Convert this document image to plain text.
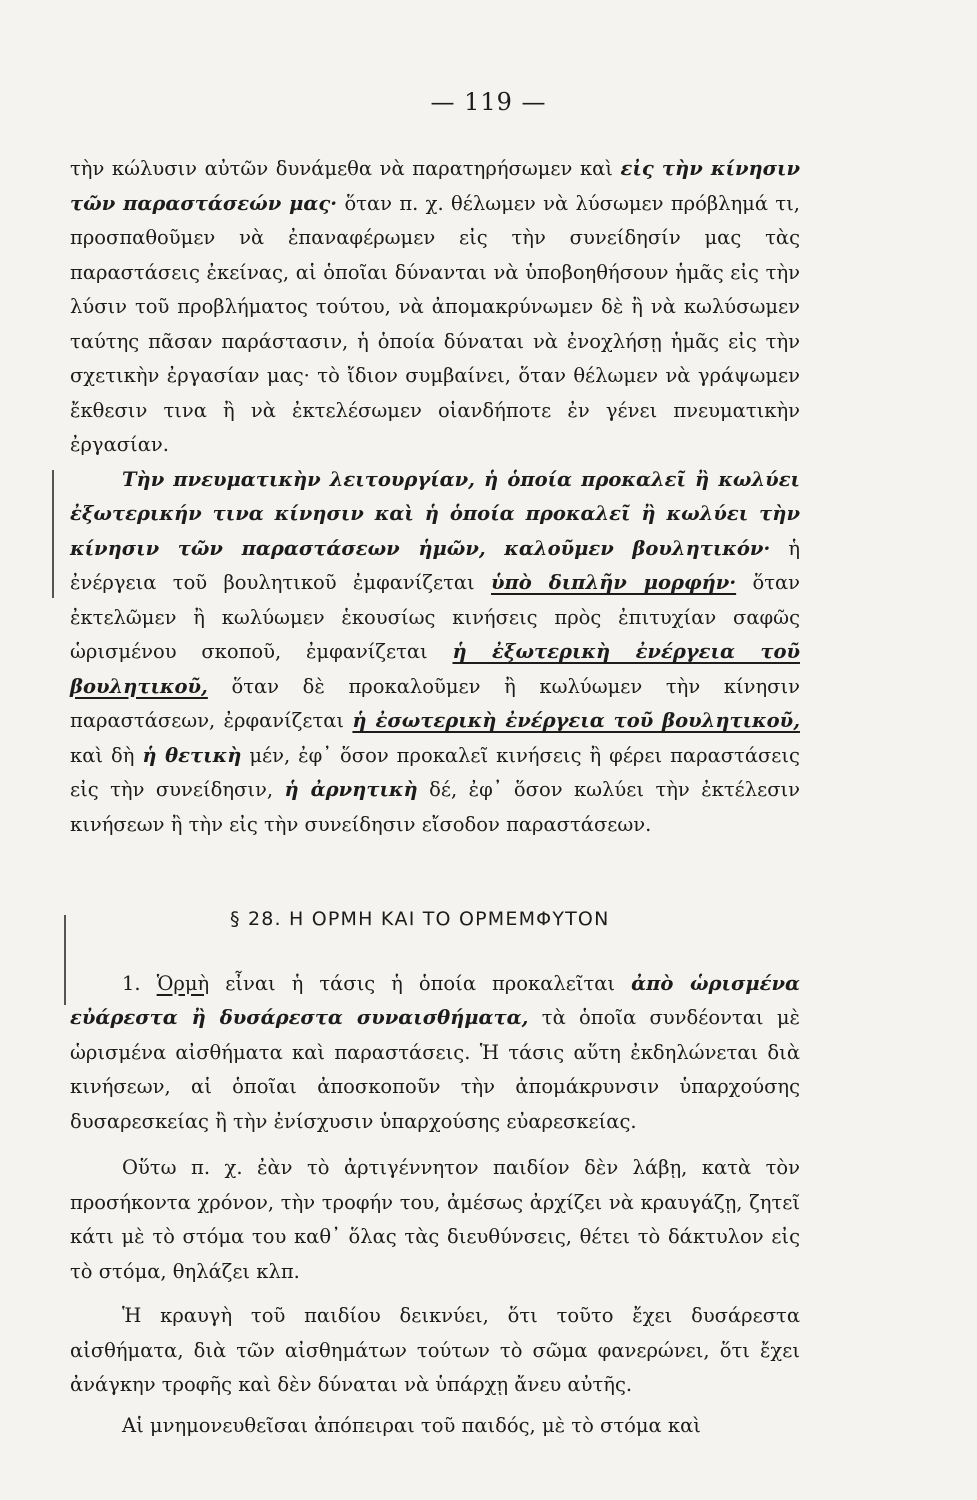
— 119 —

τὴν κώλυσιν αὐτῶν δυνάμεθα νὰ παρατηρήσωμεν καὶ εἰς τὴν κίνησιν τῶν παραστάσεών μας· ὅταν π. χ. θέλωμεν νὰ λύσωμεν πρόβλημά τι, προσπαθοῦμεν νὰ ἐπαναφέρωμεν εἰς τὴν συνείδησίν μας τὰς παραστάσεις ἐκείνας, αἱ ὁποῖαι δύνανται νὰ ὑποβοηθήσουν ἡμᾶς εἰς τὴν λύσιν τοῦ προβλήματος τούτου, νὰ ἀπομακρύνωμεν δὲ ἢ νὰ κωλύσωμεν ταύτης πᾶσαν παράστασιν, ἡ ὁποία δύναται νὰ ἐνοχλήσῃ ἡμᾶς εἰς τὴν σχετικὴν ἐργασίαν μας· τὸ ἴδιον συμβαίνει, ὅταν θέλωμεν νὰ γράψωμεν ἔκθεσιν τινα ἢ νὰ ἐκτελέσωμεν οἱανδήποτε ἐν γένει πνευματικὴν ἐργασίαν.

Τὴν πνευματικὴν λειτουργίαν, ἡ ὁποία προκαλεῖ ἢ κωλύει ἐξωτερικήν τινα κίνησιν καὶ ἡ ὁποία προκαλεῖ ἢ κωλύει τὴν κίνησιν τῶν παραστάσεων ἡμῶν, καλοῦμεν βουλητικόν· ἡ ἐνέργεια τοῦ βουλητικοῦ ἐμφανίζεται ὑπὸ διπλῆν μορφήν· ὅταν ἐκτελῶμεν ἢ κωλύωμεν ἑκουσίως κινήσεις πρὸς ἐπιτυχίαν σαφῶς ὡρισμένου σκοποῦ, ἐμφανίζεται ἡ ἐξωτερικὴ ἐνέργεια τοῦ βουλητικοῦ, ὅταν δὲ προκαλοῦμεν ἢ κωλύωμεν τὴν κίνησιν παραστάσεων, ἐρφανίζεται ἡ ἐσωτερικὴ ἐνέργεια τοῦ βουλητικοῦ, καὶ δὴ ἡ θετικὴ μέν, ἐφ᾿ ὅσον προκαλεῖ κινήσεις ἢ φέρει παραστάσεις εἰς τὴν συνείδησιν, ἡ ἀρνητικὴ δέ, ἐφ᾿ ὅσον κωλύει τὴν ἐκτέλεσιν κινήσεων ἢ τὴν εἰς τὴν συνείδησιν εἴσοδον παραστάσεων.

§ 28. Η ΟΡΜΗ ΚΑΙ ΤΟ ΟΡΜΕΜΦΥΤΟΝ

1. Ὁρμὴ εἶναι ἡ τάσις ἡ ὁποία προκαλεῖται ἀπὸ ὡρισμένα εὐάρεστα ἢ δυσάρεστα συναισθήματα, τὰ ὁποῖα συνδέονται μὲ ὡρισμένα αἰσθήματα καὶ παραστάσεις. Ἡ τάσις αὕτη ἐκδηλώνεται διὰ κινήσεων, αἱ ὁποῖαι ἀποσκοποῦν τὴν ἀπομάκρυνσιν ὑπαρχούσης δυσαρεσκείας ἢ τὴν ἐνίσχυσιν ὑπαρχούσης εὐαρεσκείας.

Οὕτω π. χ. ἐὰν τὸ ἀρτιγέννητον παιδίον δὲν λάβῃ, κατὰ τὸν προσήκοντα χρόνον, τὴν τροφήν του, ἀμέσως ἀρχίζει νὰ κραυγάζῃ, ζητεῖ κάτι μὲ τὸ στόμα του καθ᾿ ὅλας τὰς διευθύνσεις, θέτει τὸ δάκτυλον εἰς τὸ στόμα, θηλάζει κλπ.

Ἡ κραυγὴ τοῦ παιδίου δεικνύει, ὅτι τοῦτο ἔχει δυσάρεστα αἰσθήματα, διὰ τῶν αἰσθημάτων τούτων τὸ σῶμα φανερώνει, ὅτι ἔχει ἀνάγκην τροφῆς καὶ δὲν δύναται νὰ ὑπάρχῃ ἄνευ αὐτῆς.

Αἱ μνημονευθεῖσαι ἀπόπειραι τοῦ παιδός, μὲ τὸ στόμα καὶ
